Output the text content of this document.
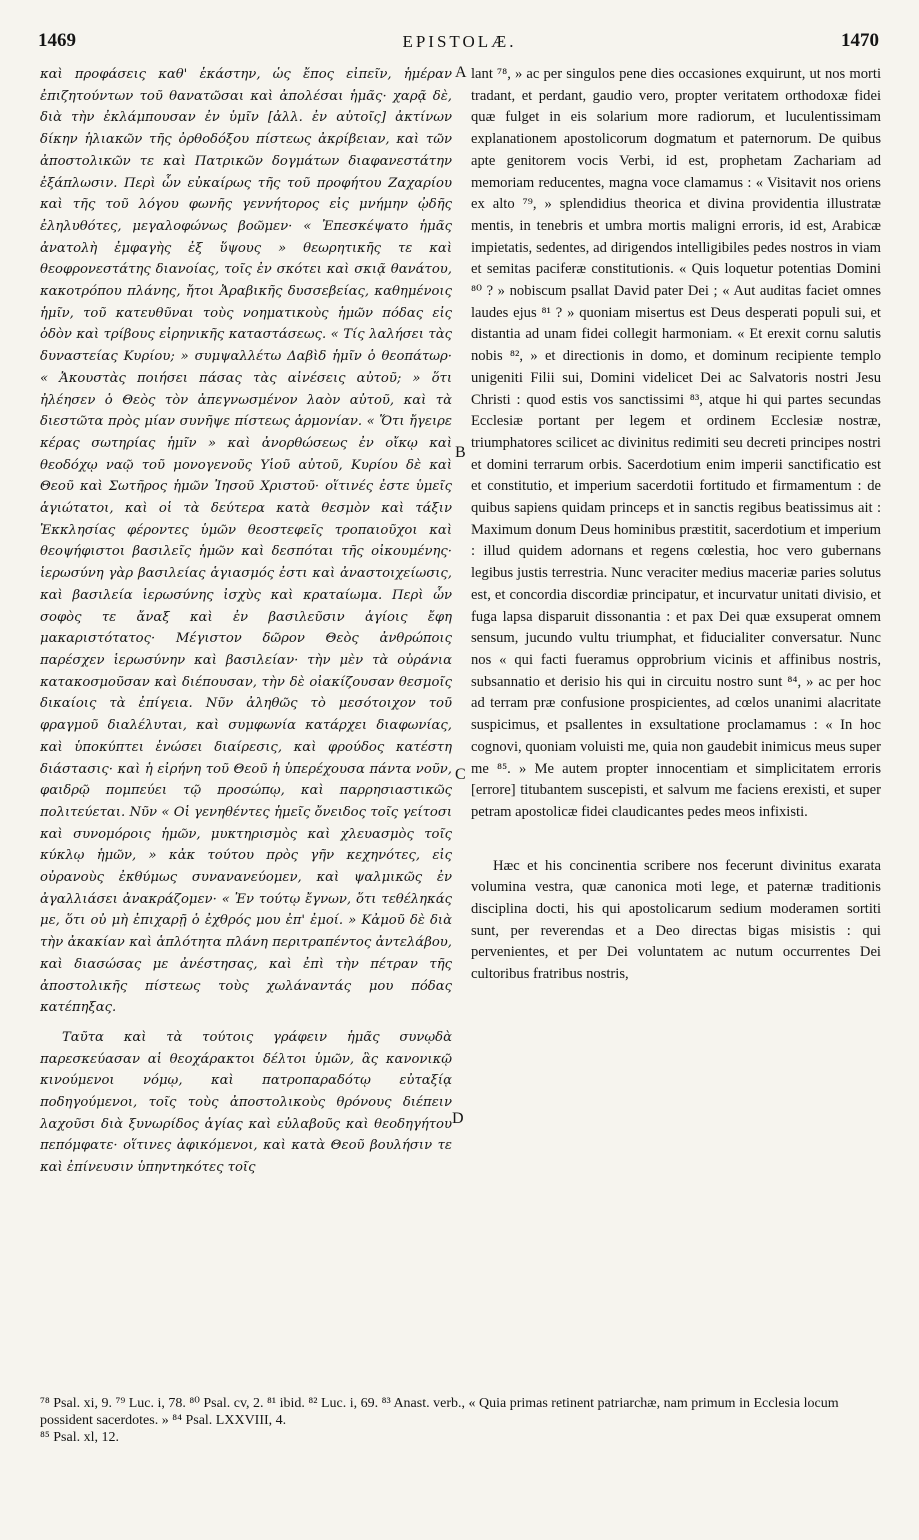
1469	EPISTOLÆ.	1470
A
B
C
D

καὶ προφάσεις καθ' ἑκάστην, ὡς ἔπος εἰπεῖν, ἡμέραν ἐπιζητούντων τοῦ θανατῶσαι καὶ ἀπολέσαι ἡμᾶς· χαρᾷ δὲ, διὰ τὴν ἐκλάμπουσαν ἐν ὑμῖν [ἀλλ. ἐν αὐτοῖς] ἀκτίνων δίκην ἡλιακῶν τῆς ὀρθοδόξου πίστεως ἀκρίβειαν, καὶ τῶν ἀποστολικῶν τε καὶ Πατρικῶν δογμάτων διαφανεστάτην ἐξάπλωσιν. Περὶ ὧν εὐκαίρως τῆς τοῦ προφήτου Ζαχαρίου καὶ τῆς τοῦ λόγου φωνῆς γεννήτορος εἰς μνήμην ᾠδῆς ἐληλυθότες, μεγαλοφώνως βοῶμεν· « Ἐπεσκέψατο ἡμᾶς ἀνατολὴ ἐμφαγὴς ἐξ ὕψους » θεωρητικῆς τε καὶ θεοφρονεστάτης διανοίας, τοῖς ἐν σκότει καὶ σκιᾷ θανάτου, κακοτρόπου πλάνης, ἤτοι Ἀραβικῆς δυσσεβείας, καθημένοις ἡμῖν, τοῦ κατευθῦναι τοὺς νοηματικοὺς ἡμῶν πόδας εἰς ὁδὸν καὶ τρίβους εἰρηνικῆς καταστάσεως. « Τίς λαλήσει τὰς δυναστείας Κυρίου; » συμψαλλέτω Δαβὶδ ἡμῖν ὁ θεοπάτωρ· « Ἀκουστὰς ποιήσει πάσας τὰς αἰνέσεις αὐτοῦ; » ὅτι ἠλέησεν ὁ Θεὸς τὸν ἀπεγνωσμένον λαὸν αὐτοῦ, καὶ τὰ διεστῶτα πρὸς μίαν συνῆψε πίστεως ἁρμονίαν. « Ὅτι ἤγειρε κέρας σωτηρίας ἡμῖν » καὶ ἀνορθώσεως ἐν οἴκῳ καὶ θεοδόχῳ ναῷ τοῦ μονογενοῦς Υἱοῦ αὐτοῦ, Κυρίου δὲ καὶ Θεοῦ καὶ Σωτῆρος ἡμῶν Ἰησοῦ Χριστοῦ· οἵτινές ἐστε ὑμεῖς ἁγιώτατοι, καὶ οἱ τὰ δεύτερα κατὰ θεσμὸν καὶ τάξιν Ἐκκλησίας φέροντες ὑμῶν θεοστεφεῖς τροπαιοῦχοι καὶ θεοψήφιστοι βασιλεῖς ἡμῶν καὶ δεσπόται τῆς οἰκουμένης· ἱερωσύνη γὰρ βασιλείας ἁγιασμός ἐστι καὶ ἀναστοιχείωσις, καὶ βασιλεία ἱερωσύνης ἰσχὺς καὶ κραταίωμα. Περὶ ὧν σοφὸς τε ἄναξ καὶ ἐν βασιλεῦσιν ἁγίοις ἔφη μακαριστότατος· Μέγιστον δῶρον Θεὸς ἀνθρώποις παρέσχεν ἱερωσύνην καὶ βασιλείαν· τὴν μὲν τὰ οὐράνια κατακοσμοῦσαν καὶ διέπουσαν, τὴν δὲ οἰακίζουσαν θεσμοῖς δικαίοις τὰ ἐπίγεια. Νῦν ἀληθῶς τὸ μεσότοιχον τοῦ φραγμοῦ διαλέλυται, καὶ συμφωνία κατάρχει διαφωνίας, καὶ ὑποκύπτει ἑνώσει διαίρεσις, καὶ φρούδος κατέστη διάστασις· καὶ ἡ εἰρήνη τοῦ Θεοῦ ἡ ὑπερέχουσα πάντα νοῦν, φαιδρῷ πομπεύει τῷ προσώπῳ, καὶ παρρησιαστικῶς πολιτεύεται. Νῦν « Οἱ γενηθέντες ἡμεῖς ὄνειδος τοῖς γείτοσι καὶ συνομόροις ἡμῶν, μυκτηρισμὸς καὶ χλευασμὸς τοῖς κύκλῳ ἡμῶν, » κἀκ τούτου πρὸς γῆν κεχηνότες, εἰς οὐρανοὺς ἐκθύμως συνανανεύομεν, καὶ ψαλμικῶς ἐν ἀγαλλιάσει ἀνακράζομεν· « Ἐν τούτῳ ἔγνων, ὅτι τεθέληκάς με, ὅτι οὐ μὴ ἐπιχαρῇ ὁ ἐχθρός μου ἐπ' ἐμοί. » Κἀμοῦ δὲ διὰ τὴν ἀκακίαν καὶ ἁπλότητα πλάνη περιτραπέντος ἀντελάβου, καὶ διασώσας με ἀνέστησας, καὶ ἐπὶ τὴν πέτραν τῆς ἀποστολικῆς πίστεως τοὺς χωλάναντάς μου πόδας κατέπηξας.

Ταῦτα καὶ τὰ τούτοις γράφειν ἡμᾶς συνῳδὰ παρεσκεύασαν αἱ θεοχάρακτοι δέλτοι ὑμῶν, ἃς κανονικῷ κινούμενοι νόμῳ, καὶ πατροπαραδότῳ εὐταξίᾳ ποδηγούμενοι, τοῖς τοὺς ἀποστολικοὺς θρόνους διέπειν λαχοῦσι διὰ ξυνωρίδος ἁγίας καὶ εὐλαβοῦς καὶ θεοδηγήτου πεπόμφατε· οἵτινες ἀφικόμενοι, καὶ κατὰ Θεοῦ βουλήσιν τε καὶ ἐπίνευσιν ὑπηντηκότες τοῖς

lant ⁷⁸, » ac per singulos pene dies occasiones exquirunt, ut nos morti tradant, et perdant, gaudio vero, propter veritatem orthodoxæ fidei quæ fulget in eis solarium more radiorum, et luculentissimam explanationem apostolicorum dogmatum et paternorum. De quibus apte genitorem vocis Verbi, id est, prophetam Zachariam ad memoriam reducentes, magna voce clamamus : « Visitavit nos oriens ex alto ⁷⁹, » splendidius theorica et divina providentia illustratæ mentis, in tenebris et umbra mortis maligni erroris, id est, Arabicæ impietatis, sedentes, ad dirigendos intelligibiles pedes nostros in viam et semitas paciferæ constitutionis. « Quis loquetur potentias Domini ⁸⁰ ? » nobiscum psallat David pater Dei ; « Aut auditas faciet omnes laudes ejus ⁸¹ ? » quoniam misertus est Deus desperati populi sui, et distantia ad unam fidei collegit harmoniam. « Et erexit cornu salutis nobis ⁸², » et directionis in domo, et dominum recipiente templo unigeniti Filii sui, Domini videlicet Dei ac Salvatoris nostri Jesu Christi : quod estis vos sanctissimi ⁸³, atque hi qui partes secundas Ecclesiæ portant per legem et ordinem Ecclesiæ nostræ, triumphatores scilicet ac divinitus redimiti seu decreti principes nostri et domini terrarum orbis. Sacerdotium enim imperii sanctificatio est et constitutio, et imperium sacerdotii fortitudo et firmamentum : de quibus sapiens quidam princeps et in sanctis regibus beatissimus ait : Maximum donum Deus hominibus præstitit, sacerdotium et imperium : illud quidem adornans et regens cœlestia, hoc vero gubernans legibus justis terrestria. Nunc veraciter medius maceriæ paries solutus est, et concordia discordiæ principatur, et incurvatur unitati divisio, et fuga lapsa disparuit dissonantia : et pax Dei quæ exsuperat omnem sensum, jucundo vultu triumphat, et fiducialiter conversatur. Nunc nos « qui facti fueramus opprobrium vicinis et affinibus nostris, subsannatio et derisio his qui in circuitu nostro sunt ⁸⁴, » ac per hoc ad terram præ confusione prospicientes, ad cœlos unanimi alacritate suspicimus, et psallentes in exsultatione proclamamus : « In hoc cognovi, quoniam voluisti me, quia non gaudebit inimicus meus super me ⁸⁵. » Me autem propter innocentiam et simplicitatem erroris [errore] titubantem suscepisti, et salvum me faciens erexisti, et super petram apostolicæ fidei claudicantes pedes meos infixisti.

Hæc et his concinentia scribere nos fecerunt divinitus exarata volumina vestra, quæ canonica moti lege, et paternæ traditionis disciplina docti, his qui apostolicarum sedium moderamen sortiti sunt, per reverendas et a Deo directas bigas misistis : qui pervenientes, et per Dei voluntatem ac nutum occurrentes Dei cultoribus fratribus nostris,

⁷⁸ Psal. xi, 9. ⁷⁹ Luc. i, 78. ⁸⁰ Psal. cv, 2. ⁸¹ ibid. ⁸² Luc. i, 69. ⁸³ Anast. verb., « Quia primas retinent patriarchæ, nam primum in Ecclesia locum possident sacerdotes. » ⁸⁴ Psal. LXXVIII, 4.

⁸⁵ Psal. xl, 12.
